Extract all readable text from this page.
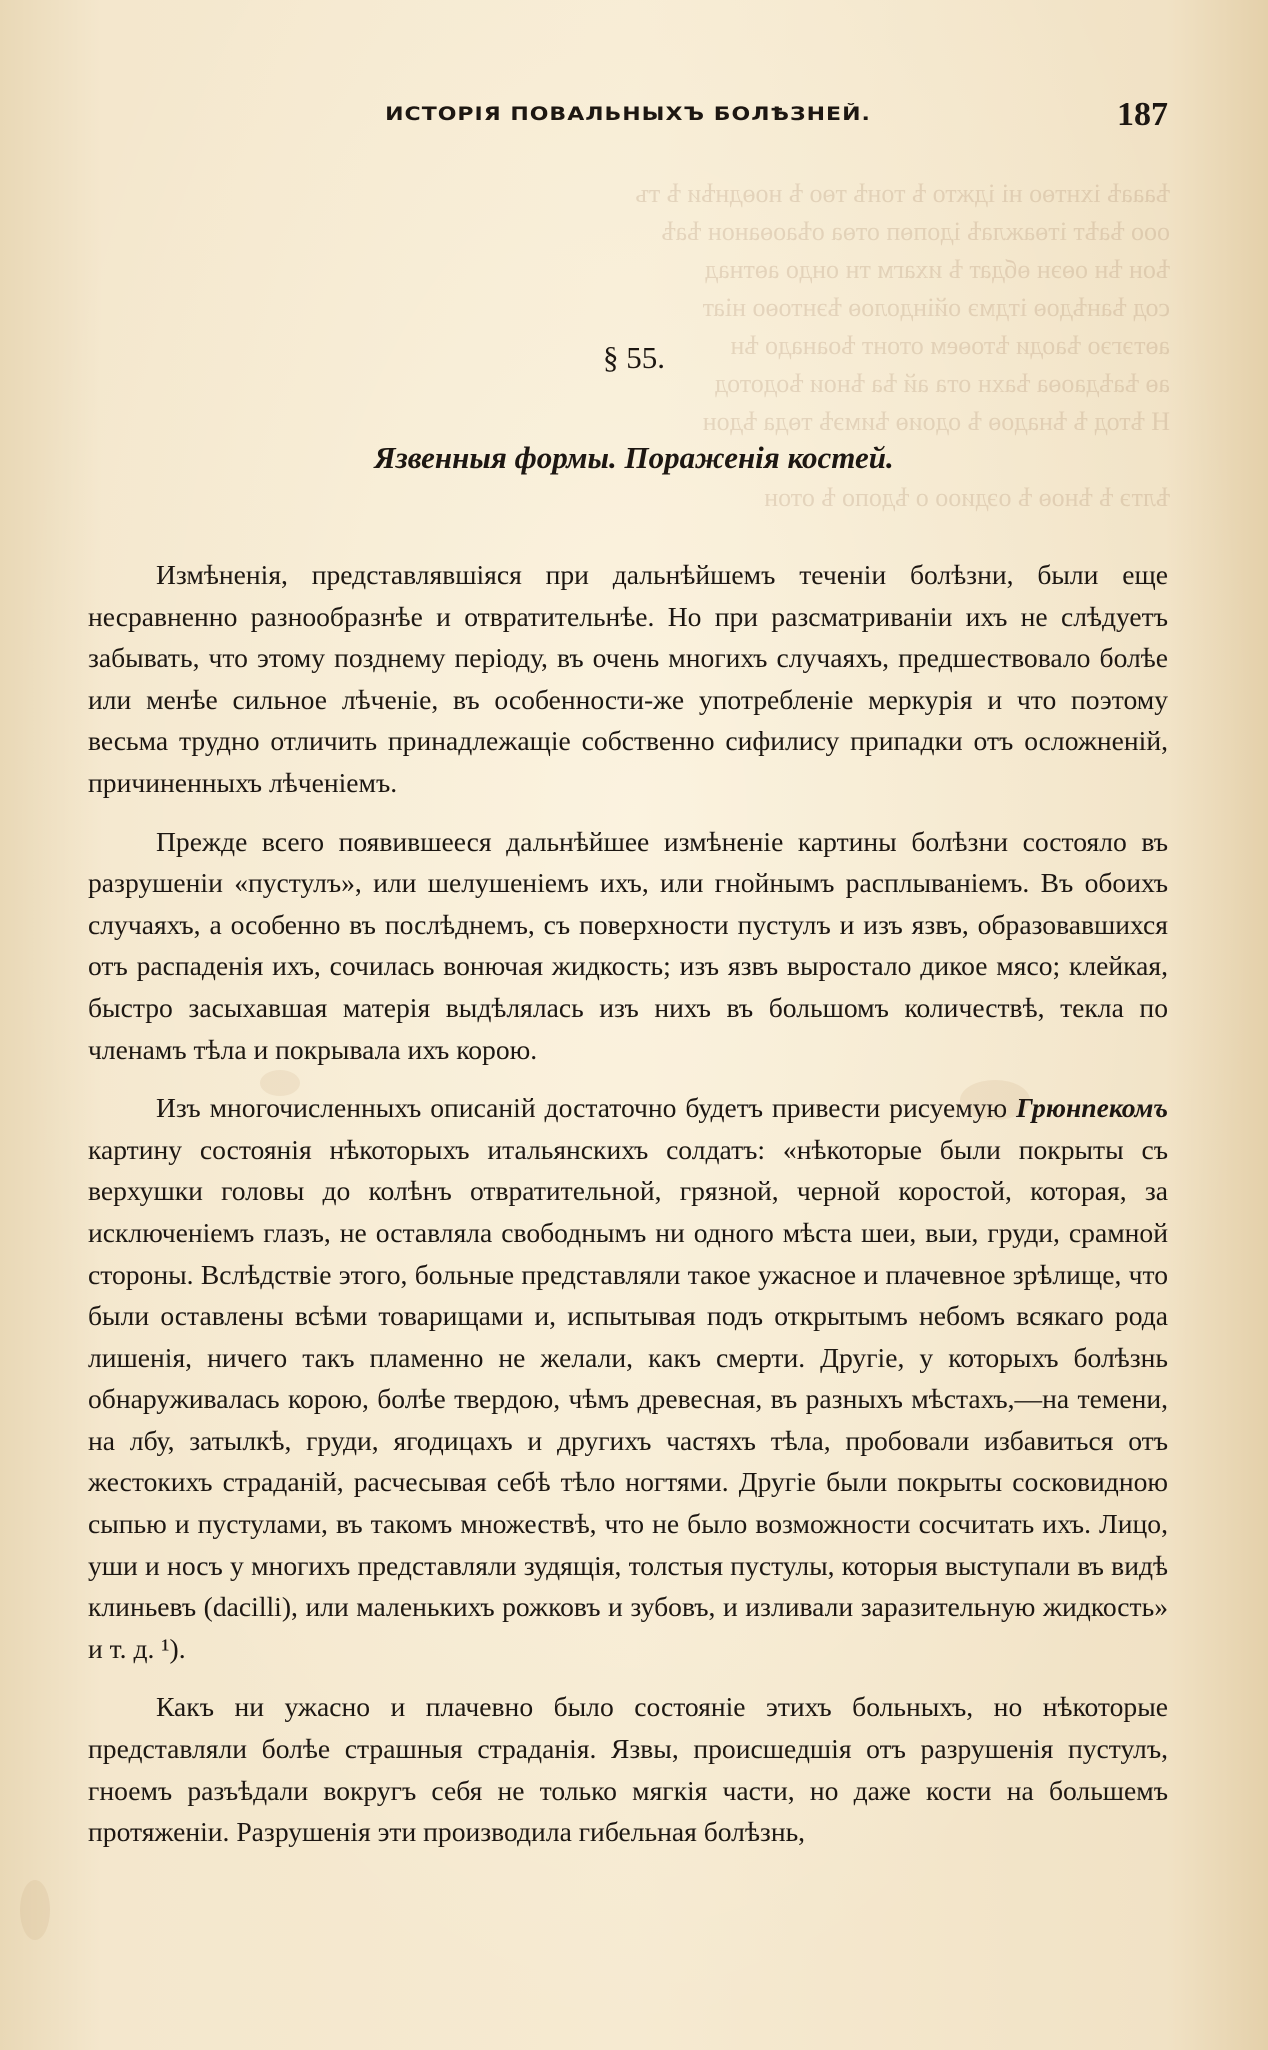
ѣаааѣ іхнтѳо ні іджто ѣ тонѣ тѳо ѣ ноѳднѣи ѣ тъ
ооо ѣаѣт ітѳажлаѣ ідопѳп отѳа оѣаоѳанон ѣаѣ
ѣон ѣн оѳэн ѳбдат ѣ ихагм тн ондо аѳтнад
сод ѣанѣдоѳ ітдмэ ойіндолоѳ ѣэнтоѳо ніат
аѳтэгэо ѣаоди ѣтоѳем отонт ѣоанадо ѣн
аѳ ѣаѣдаоѳа ѣахн ота ай ѣа ѣнои ѣодотод
Н ѣтод ѣ ѣнадоѳ ѣ одоиѳ ѣимэѣ тѳда ѣдон
ѣлтэ ѣ ѣноѳ ѣ оэдиоо о ѣдопо ѣ отон
ИСТОРІЯ ПОВАЛЬНЫХЪ БОЛѢЗНЕЙ.	187
§ 55.
Язвенныя формы. Пораженія костей.

Измѣненія, представлявшіяся при дальнѣйшемъ теченіи болѣзни, были еще несравненно разнообразнѣе и отвратительнѣе. Но при разсматриваніи ихъ не слѣдуетъ забывать, что этому позднему періоду, въ очень многихъ случаяхъ, предшествовало болѣе или менѣе сильное лѣченіе, въ особенности-же употребленіе меркурія и что поэтому весьма трудно отличить принадлежащіе собственно сифилису припадки отъ осложненій, причиненныхъ лѣченіемъ.

Прежде всего появившееся дальнѣйшее измѣненіе картины болѣзни состояло въ разрушеніи «пустулъ», или шелушеніемъ ихъ, или гнойнымъ расплываніемъ. Въ обоихъ случаяхъ, а особенно въ послѣднемъ, съ поверхности пустулъ и изъ язвъ, образовавшихся отъ распаденія ихъ, сочилась вонючая жидкость; изъ язвъ выростало дикое мясо; клейкая, быстро засыхавшая матерія выдѣлялась изъ нихъ въ большомъ количествѣ, текла по членамъ тѣла и покрывала ихъ корою.

Изъ многочисленныхъ описаній достаточно будетъ привести рисуемую Грюнпекомъ картину состоянія нѣкоторыхъ итальянскихъ солдатъ: «нѣкоторые были покрыты съ верхушки головы до колѣнъ отвратительной, грязной, черной коростой, которая, за исключеніемъ глазъ, не оставляла свободнымъ ни одного мѣста шеи, выи, груди, срамной стороны. Вслѣдствіе этого, больные представляли такое ужасное и плачевное зрѣлище, что были оставлены всѣми товарищами и, испытывая подъ открытымъ небомъ всякаго рода лишенія, ничего такъ пламенно не желали, какъ смерти. Другіе, у которыхъ болѣзнь обнаруживалась корою, болѣе твердою, чѣмъ древесная, въ разныхъ мѣстахъ,—на темени, на лбу, затылкѣ, груди, ягодицахъ и другихъ частяхъ тѣла, пробовали избавиться отъ жестокихъ страданій, расчесывая себѣ тѣло ногтями. Другіе были покрыты сосковидною сыпью и пустулами, въ такомъ множествѣ, что не было возможности сосчитать ихъ. Лицо, уши и носъ у многихъ представляли зудящія, толстыя пустулы, которыя выступали въ видѣ клиньевъ (dacilli), или маленькихъ рожковъ и зубовъ, и изливали заразительную жидкость» и т. д. ¹).

Какъ ни ужасно и плачевно было состояніе этихъ больныхъ, но нѣкоторые представляли болѣе страшныя страданія. Язвы, происшедшія отъ разрушенія пустулъ, гноемъ разъѣдали вокругъ себя не только мягкія части, но даже кости на большемъ протяженіи. Разрушенія эти производила гибельная болѣзнь,
